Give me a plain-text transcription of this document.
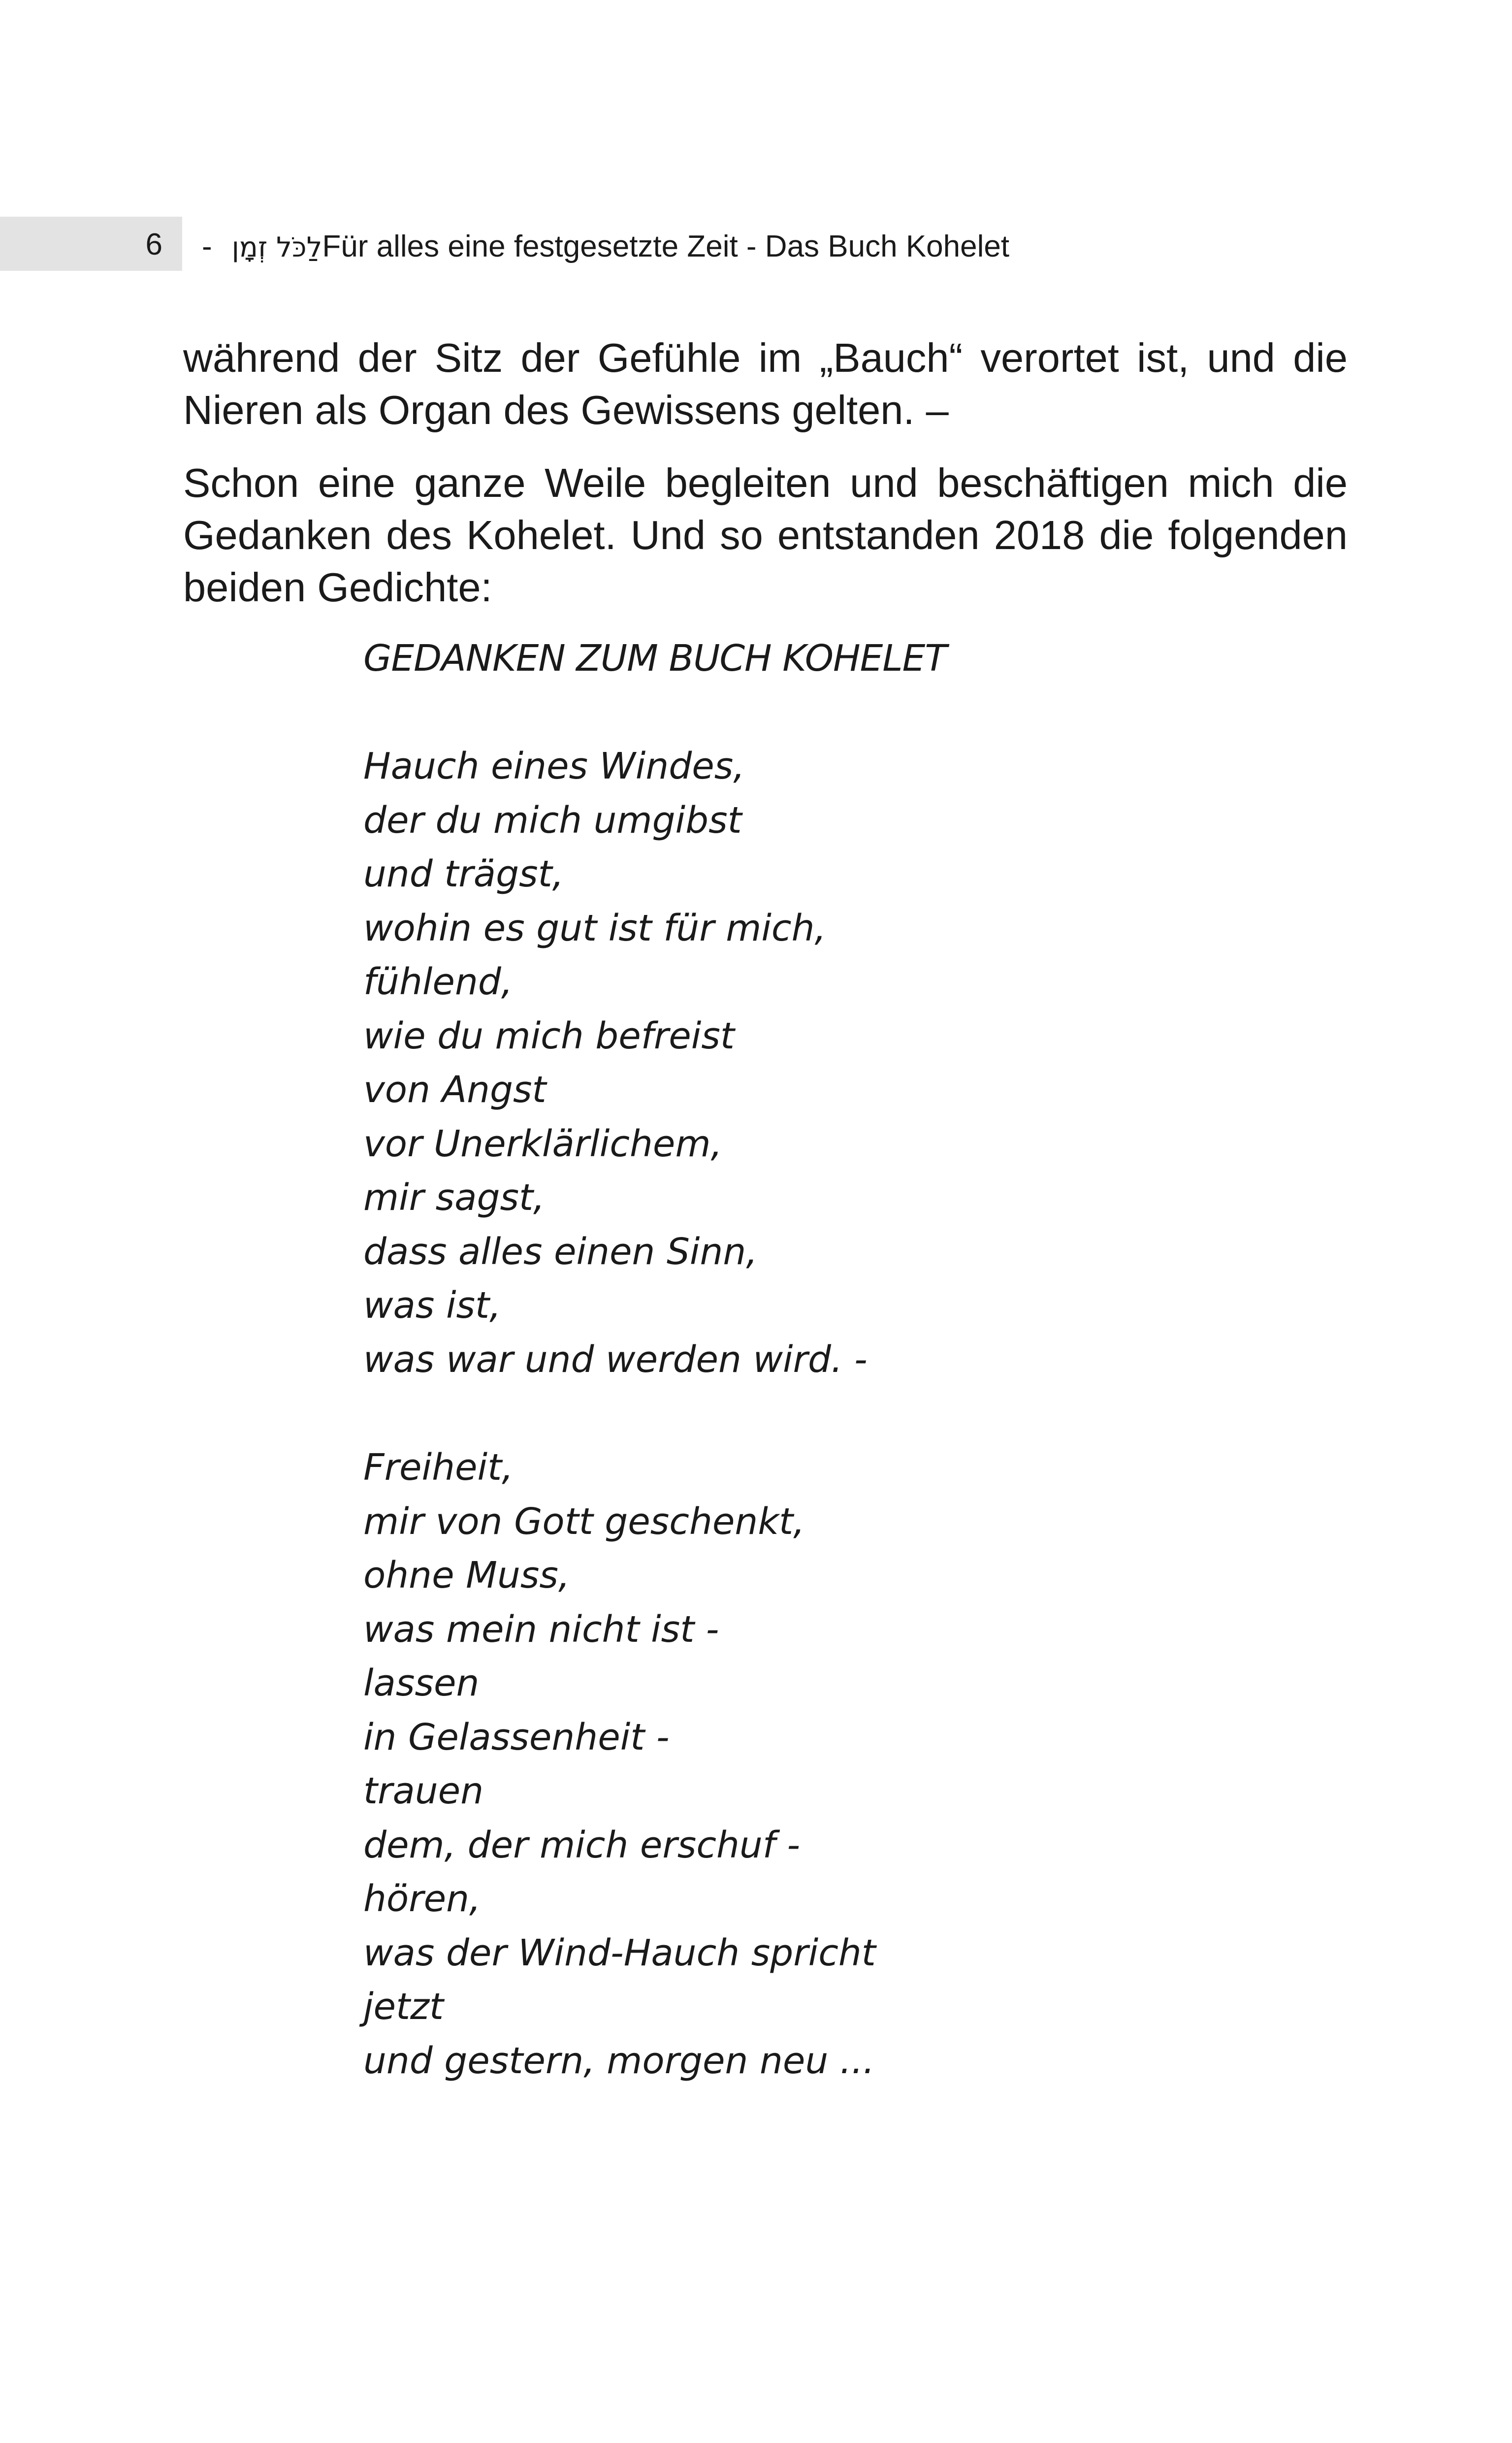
6 - לַכֹּל זְמָןFür alles eine festgesetzte Zeit - Das Buch Kohelet

während der Sitz der Gefühle im „Bauch“ verortet ist, und die Nieren als Organ des Gewissens gelten. –

Schon eine ganze Weile begleiten und beschäftigen mich die Gedanken des Kohelet. Und so entstanden 2018 die folgenden beiden Gedichte:

GEDANKEN ZUM BUCH KOHELET
Hauch eines Windes,
der du mich umgibst
und trägst,
wohin es gut ist für mich,
fühlend,
wie du mich befreist
von Angst
vor Unerklärlichem,
mir sagst,
dass alles einen Sinn,
was ist,
was war und werden wird. -
Freiheit,
mir von Gott geschenkt,
ohne Muss,
was mein nicht ist -
lassen
in Gelassenheit -
trauen
dem, der mich erschuf -
hören,
was der Wind-Hauch spricht
jetzt
und gestern, morgen neu ...
